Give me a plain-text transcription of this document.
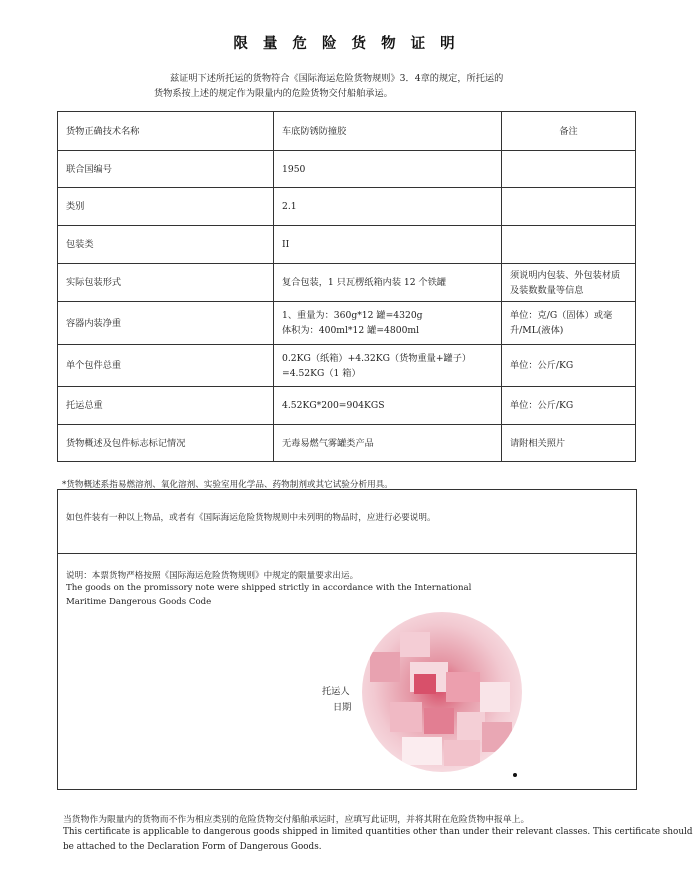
限 量 危 险 货 物 证 明
兹证明下述所托运的货物符合《国际海运危险货物规则》3．4章的规定，所托运的
货物系按上述的规定作为限量内的危险货物交付船舶承运。
货物正确技术名称	车底防锈防撞胶	备注
联合国编号	1950	
类别	2.1	
包装类	II	
实际包装形式	复合包装，1 只瓦楞纸箱内装 12 个铁罐	须说明内包装、外包装材质及装数数量等信息
容器内装净重	1、重量为：360g*12 罐=4320g
体积为：400ml*12 罐=4800ml	单位：克/G（固体）或毫升/ML(液体)
单个包件总重	0.2KG（纸箱）+4.32KG（货物重量+罐子）=4.52KG（1 箱）	单位：公斤/KG
托运总重	4.52KG*200=904KGS	单位：公斤/KG
货物概述及包件标志标记情况	无毒易燃气雾罐类产品	请附相关照片
*货物概述系指易燃溶剂、氧化溶剂、实验室用化学品、药物制剂或其它试验分析用具。
如包件装有一种以上物品，或者有《国际海运危险货物规则中未列明的物品时，应进行必要说明。
说明：本票货物严格按照《国际海运危险货物规则》中规定的限量要求出运。
The goods on the promissory note were shipped strictly in accordance with the International
Maritime Dangerous Goods Code
托运人
日期
当货物作为限量内的货物而不作为相应类别的危险货物交付船舶承运时，应填写此证明，并将其附在危险货物申报单上。
This certificate is applicable to dangerous goods shipped in limited quantities other than under their relevant classes. This certificate should
be attached to the Declaration Form of Dangerous Goods.
